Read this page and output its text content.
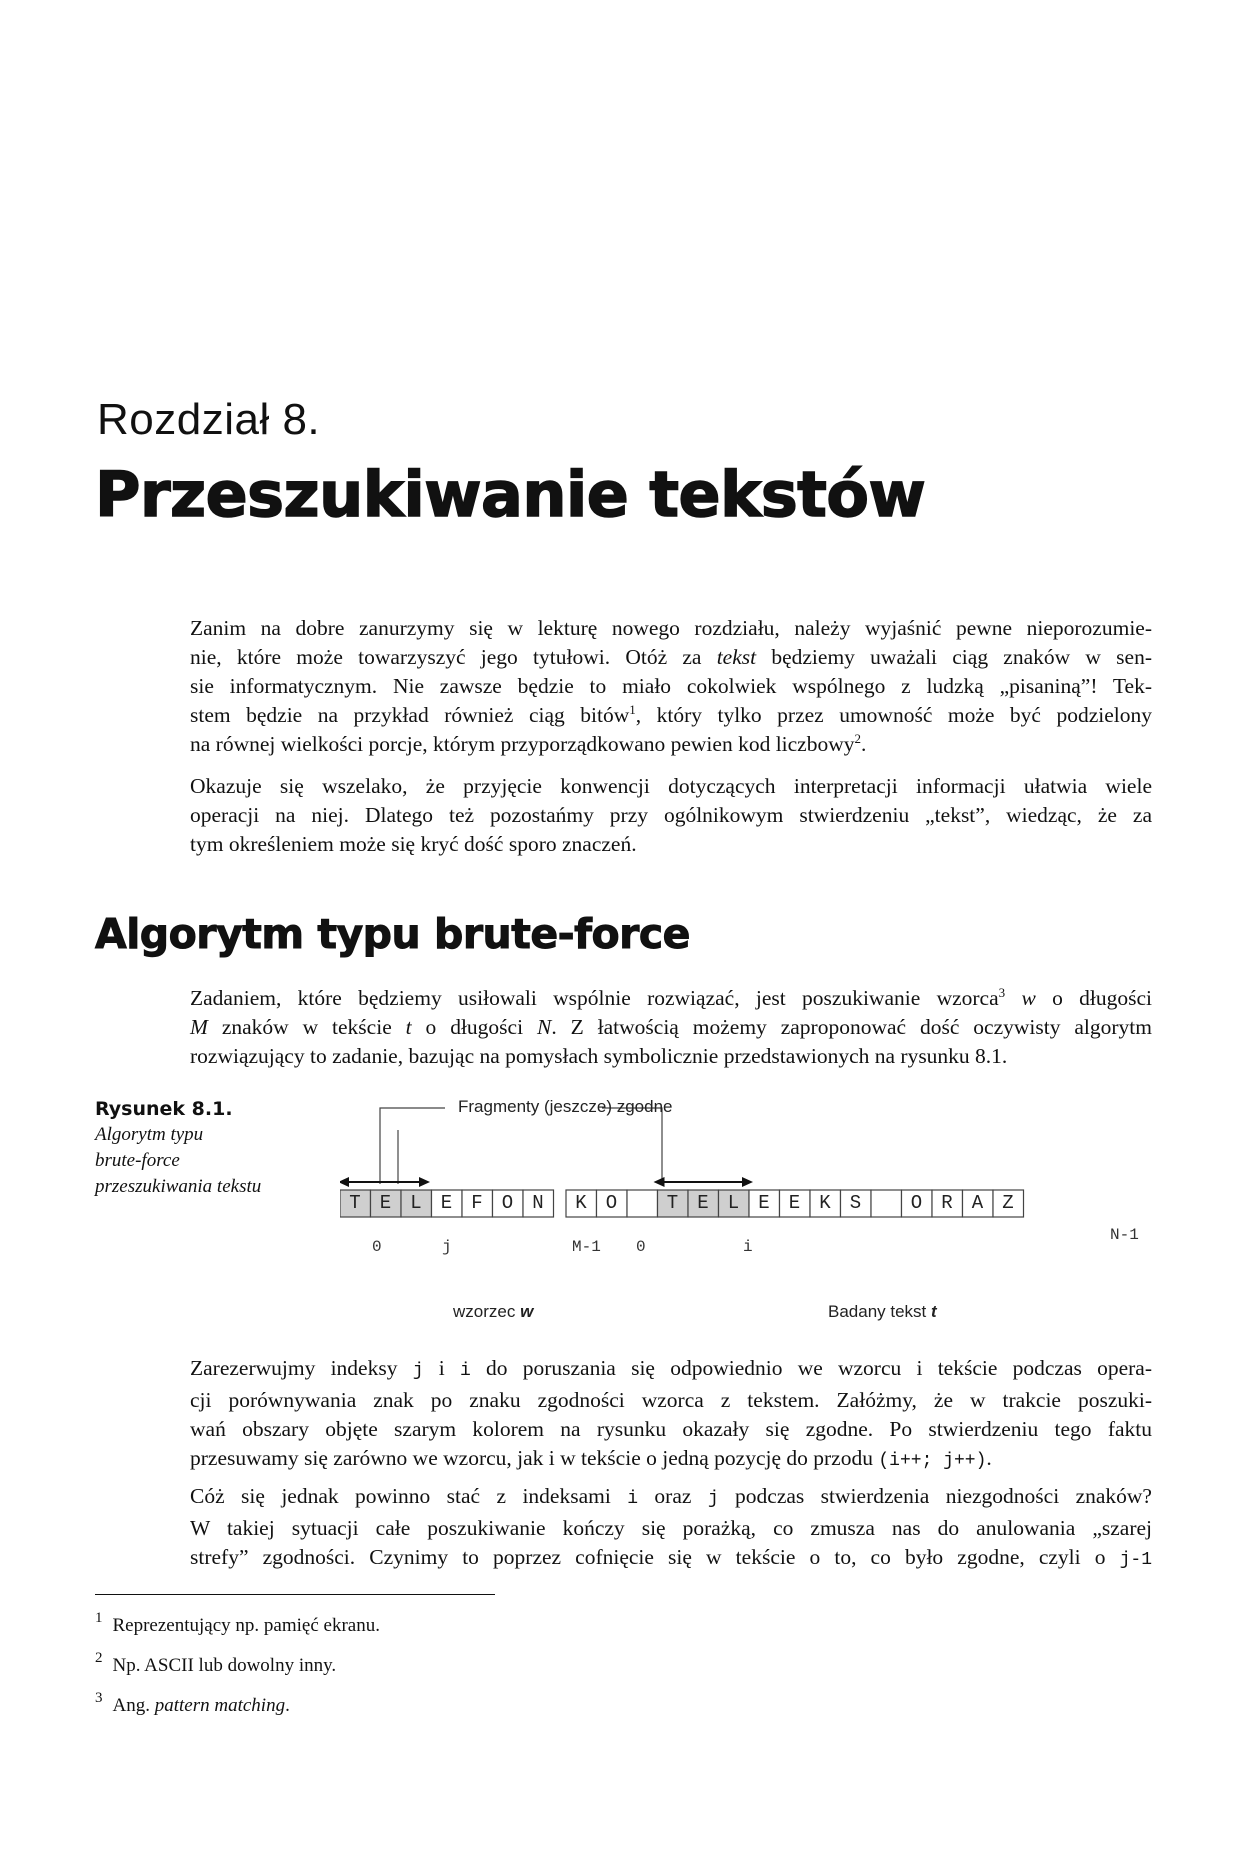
Rozdział 8.
Przeszukiwanie tekstów
Zanim na dobre zanurzymy się w lekturę nowego rozdziału, należy wyjaśnić pewne nieporozumie-
nie, które może towarzyszyć jego tytułowi. Otóż za tekst będziemy uważali ciąg znaków w sen-
sie informatycznym. Nie zawsze będzie to miało cokolwiek wspólnego z ludzką „pisaniną”! Tek-
stem będzie na przykład również ciąg bitów$^1$, który tylko przez umowność może być podzielony
na równej wielkości porcje, którym przyporządkowano pewien kod liczbowy$^2$.
Okazuje się wszelako, że przyjęcie konwencji dotyczących interpretacji informacji ułatwia wiele
operacji na niej. Dlatego też pozostańmy przy ogólnikowym stwierdzeniu „tekst”, wiedząc, że za
tym określeniem może się kryć dość sporo znaczeń.
Algorytm typu brute-force
Zadaniem, które będziemy usiłowali wspólnie rozwiązać, jest poszukiwanie wzorca$^3$ w o długości
M znaków w tekście t o długości N. Z łatwością możemy zaproponować dość oczywisty algorytm
rozwiązujący to zadanie, bazując na pomysłach symbolicznie przedstawionych na rysunku 8.1.
Rysunek 8.1.
Algorytm typu
brute-force
przeszukiwania tekstu
Fragmenty (jeszcze) zgodne
T	E	L	E	F	O	N	K	O	T	E	L	E	E	K	S	O	R	A	Z
0	j	M-1 0	i
N-1
wzorzec w	Badany tekst t
Zarezerwujmy indeksy j i i do poruszania się odpowiednio we wzorcu i tekście podczas opera-
cji porównywania znak po znaku zgodności wzorca z tekstem. Załóżmy, że w trakcie poszuki-
wań obszary objęte szarym kolorem na rysunku okazały się zgodne. Po stwierdzeniu tego faktu
przesuwamy się zarówno we wzorcu, jak i w tekście o jedną pozycję do przodu (i++; j++).
Cóż się jednak powinno stać z indeksami i oraz j podczas stwierdzenia niezgodności znaków?
W takiej sytuacji całe poszukiwanie kończy się porażką, co zmusza nas do anulowania „szarej
strefy” zgodności. Czynimy to poprzez cofnięcie się w tekście o to, co było zgodne, czyli o j-1
$^1$ Reprezentujący np. pamięć ekranu.
$^2$ Np. ASCII lub dowolny inny.
$^3$ Ang. pattern matching.
